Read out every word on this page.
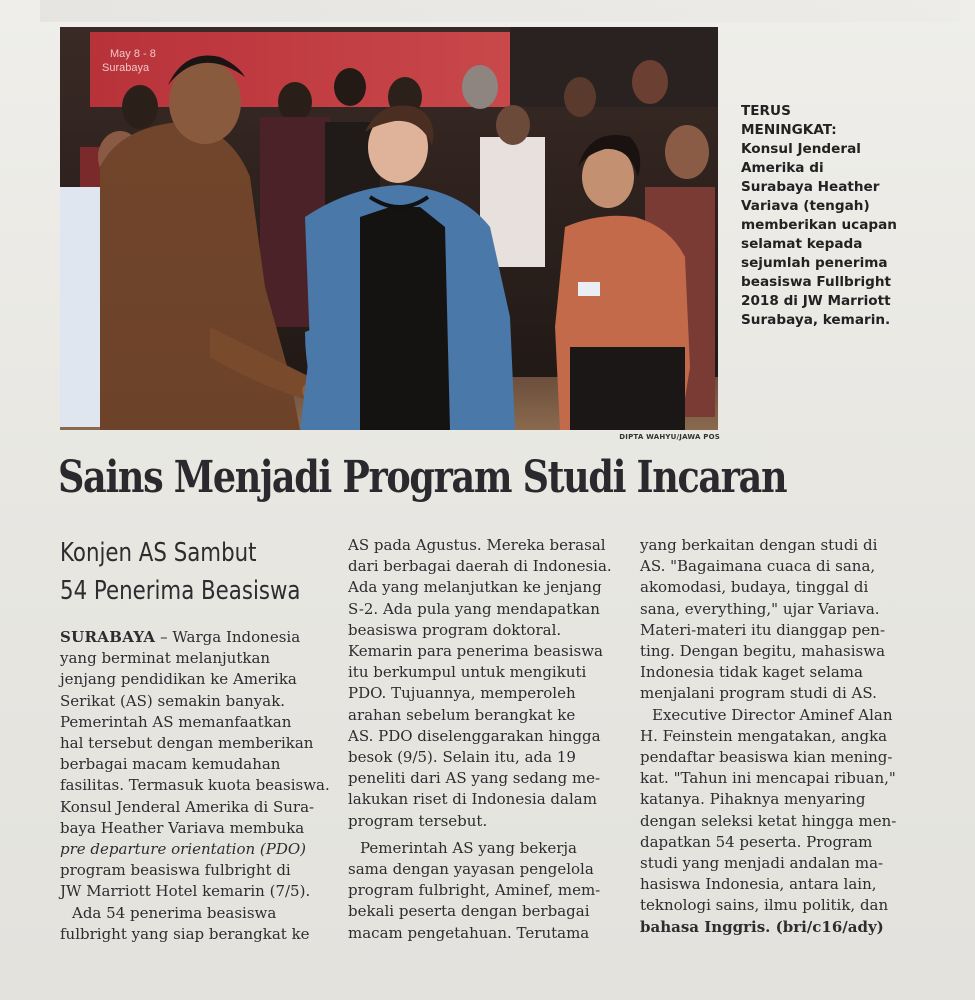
May 8 - 8
Surabaya
DIPTA WAHYU/JAWA POS
TERUS
MENINGKAT:
Konsul Jenderal
Amerika di
Surabaya Heather
Variava (tengah)
memberikan ucapan
selamat kepada
sejumlah penerima
beasiswa Fullbright
2018 di JW Marriott
Surabaya, kemarin.
Sains Menjadi Program Studi Incaran
Konjen AS Sambut
54 Penerima Beasiswa
SURABAYA – Warga Indonesia
yang berminat melanjutkan
jenjang pendidikan ke Amerika
Serikat (AS) semakin banyak.
Pemerintah AS memanfaatkan
hal tersebut dengan memberikan
berbagai macam kemudahan
fasilitas. Termasuk kuota beasiswa.
Konsul Jenderal Amerika di Sura-
baya Heather Variava membuka
pre departure orientation (PDO)
program beasiswa fulbright di
JW Marriott Hotel kemarin (7/5).
Ada 54 penerima beasiswa
fulbright yang siap berangkat ke
AS pada Agustus. Mereka berasal
dari berbagai daerah di Indonesia.
Ada yang melanjutkan ke jenjang
S-2. Ada pula yang mendapatkan
beasiswa program doktoral.
Kemarin para penerima beasiswa
itu berkumpul untuk mengikuti
PDO. Tujuannya, memperoleh
arahan sebelum berangkat ke
AS. PDO diselenggarakan hingga
besok (9/5). Selain itu, ada 19
peneliti dari AS yang sedang me-
lakukan riset di Indonesia dalam
program tersebut.
Pemerintah AS yang bekerja
sama dengan yayasan pengelola
program fulbright, Aminef, mem-
bekali peserta dengan berbagai
macam pengetahuan. Terutama
yang berkaitan dengan studi di
AS. "Bagaimana cuaca di sana,
akomodasi, budaya, tinggal di
sana, everything," ujar Variava.
Materi-materi itu dianggap pen-
ting. Dengan begitu, mahasiswa
Indonesia tidak kaget selama
menjalani program studi di AS.
Executive Director Aminef Alan
H. Feinstein mengatakan, angka
pendaftar beasiswa kian mening-
kat. "Tahun ini mencapai ribuan,"
katanya. Pihaknya menyaring
dengan seleksi ketat hingga men-
dapatkan 54 peserta. Program
studi yang menjadi andalan ma-
hasiswa Indonesia, antara lain,
teknologi sains, ilmu politik, dan
bahasa Inggris. (bri/c16/ady)
